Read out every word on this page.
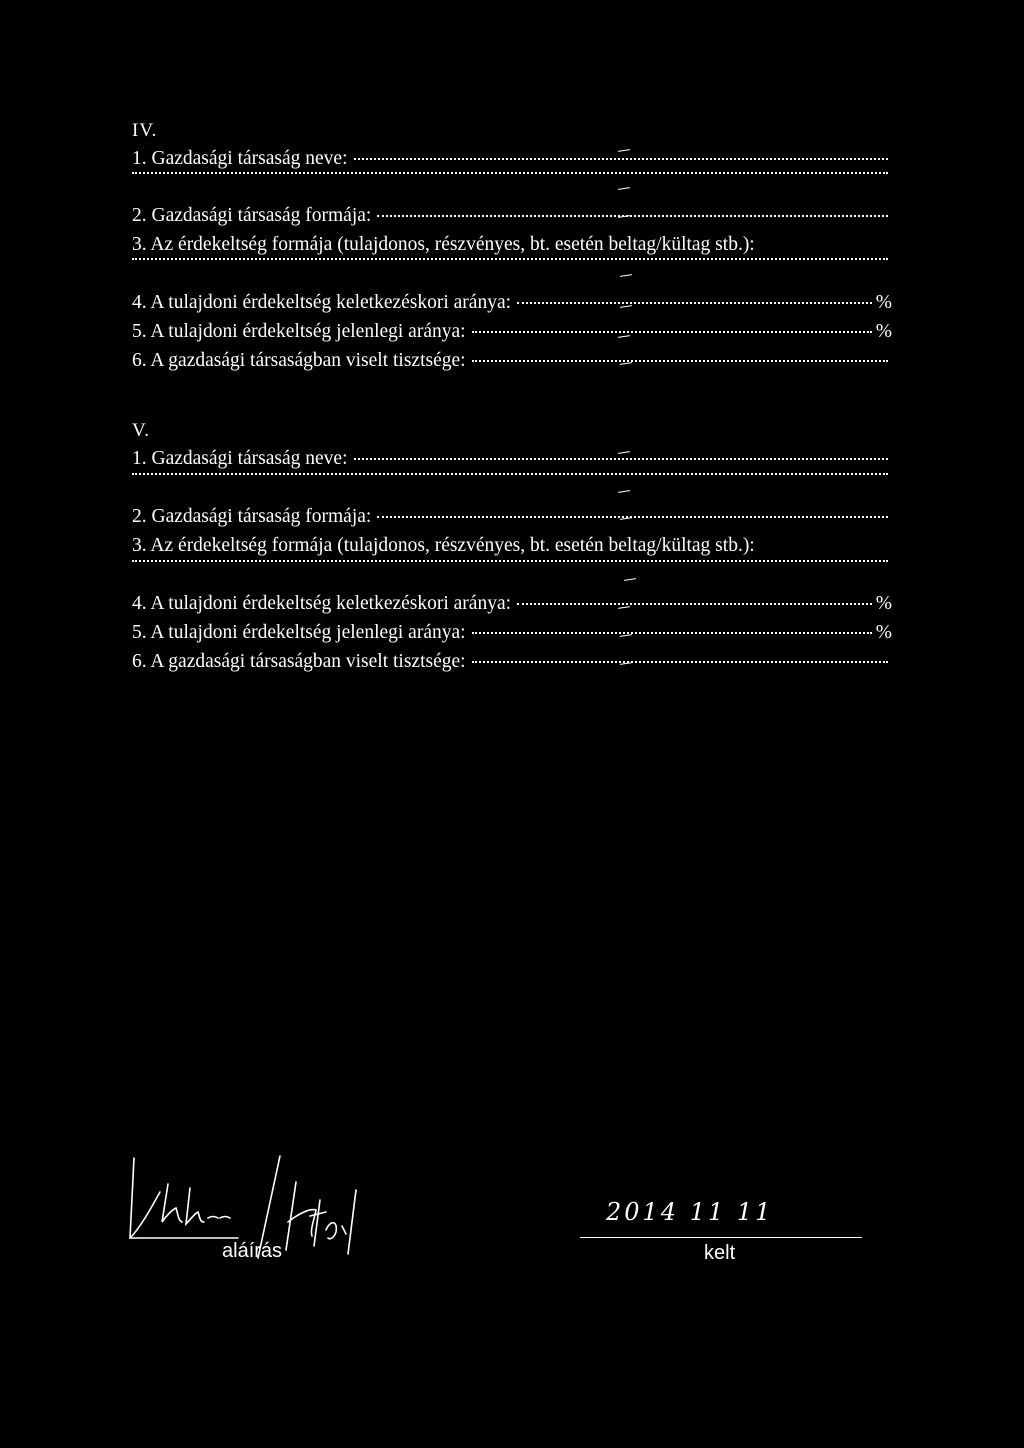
IV.
1. Gazdasági társaság neve:
2. Gazdasági társaság formája:
3. Az érdekeltség formája (tulajdonos, részvényes, bt. esetén beltag/kültag stb.):
4. A tulajdoni érdekeltség keletkezéskori aránya:	%
5. A tulajdoni érdekeltség jelenlegi aránya:	%
6. A gazdasági társaságban viselt tisztsége:
V.
1. Gazdasági társaság neve:
2. Gazdasági társaság formája:
3. Az érdekeltség formája (tulajdonos, részvényes, bt. esetén beltag/kültag stb.):
4. A tulajdoni érdekeltség keletkezéskori aránya:	%
5. A tulajdoni érdekeltség jelenlegi aránya:	%
6. A gazdasági társaságban viselt tisztsége:
aláírás
2014 11 11
kelt
